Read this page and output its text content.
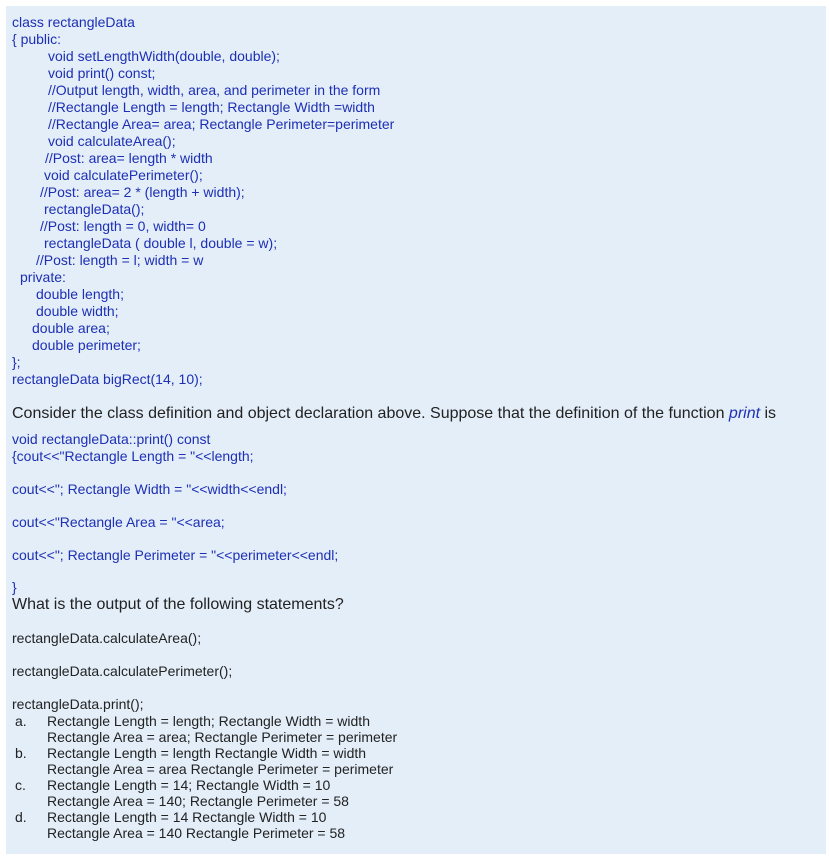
class rectangleData
{ public:
void setLengthWidth(double, double);
void print() const;
//Output length, width, area, and perimeter in the form
//Rectangle Length = length; Rectangle Width =width
//Rectangle Area= area; Rectangle Perimeter=perimeter
void calculateArea();
//Post: area= length * width
void calculatePerimeter();
//Post: area= 2 * (length + width);
rectangleData();
//Post: length = 0, width= 0
rectangleData ( double l, double = w);
//Post: length = l; width = w
private:
double length;
double width;
double area;
double perimeter;
};
rectangleData bigRect(14, 10);
Consider the class definition and object declaration above. Suppose that the definition of the function print is
void rectangleData::print() const
{cout<<"Rectangle Length = "<<length;
cout<<"; Rectangle Width = "<<width<<endl;
cout<<"Rectangle Area = "<<area;
cout<<"; Rectangle Perimeter = "<<perimeter<<endl;
}
What is the output of the following statements?
rectangleData.calculateArea();
rectangleData.calculatePerimeter();
rectangleData.print();
a. Rectangle Length = length; Rectangle Width = width
Rectangle Area = area; Rectangle Perimeter = perimeter
b. Rectangle Length = length Rectangle Width = width
Rectangle Area = area Rectangle Perimeter = perimeter
c. Rectangle Length = 14; Rectangle Width = 10
Rectangle Area = 140; Rectangle Perimeter = 58
d. Rectangle Length = 14 Rectangle Width = 10
Rectangle Area = 140 Rectangle Perimeter = 58
